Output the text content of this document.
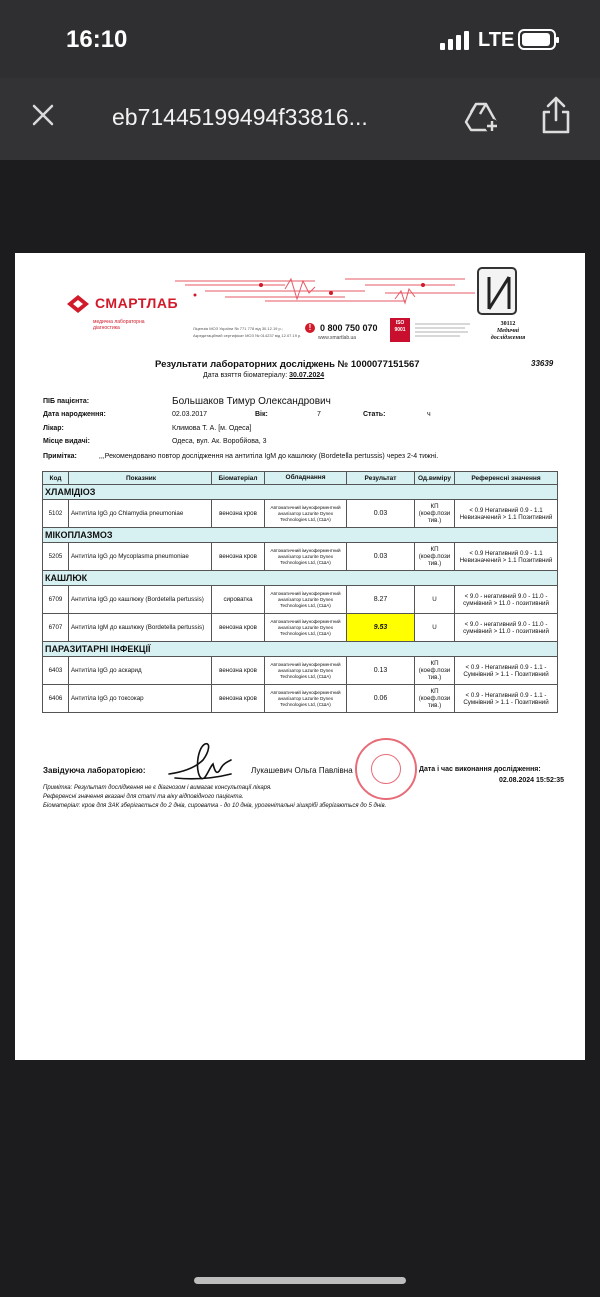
16:10	LTE
eb71445199494f33816...
СМАРТЛАБ
медична лабораторна діагностика	Ліцензія МОЗ України № 771 778 від 30.12.19 р.; Акредитаційний сертифікат МОЗ № 014237 від 12.07.19 р.
! 0 800 750 070
www.smartlab.ua
ISO 9001
30112
Медичні
дослідження
Результати лабораторних досліджень № 1000077151567	33639
Дата взяття біоматеріалу: 30.07.2024
ПІБ пацієнта:	Большаков Тимур Олександрович
Дата народження:	02.03.2017	Вік:	7	Стать:	ч
Лікар:	Климова Т. А. [м. Одеса]
Місце видачі:	Одеса, вул. Ак. Воробйова, 3
Примітка:	,,,Рекомендовано повтор дослідження на антитіла IgM до кашлюку (Bordetella pertussis) через 2-4 тижні.
Код	Показник	Біоматеріал	Обладнання	Результат	Од.виміру	Референсні значення
ХЛАМІДІОЗ						
5102	Антитіла IgG до Chlamydia pneumoniae	венозна кров	Автоматичний імуноферментний аналізатор Lazurite Dynex Technologies Ltd, (США)	0.03	КП (коеф.пози тив.)	< 0.9 Негативний 0.9 - 1.1 Невизначений > 1.1 Позитивний
МІКОПЛАЗМОЗ						
5205	Антитіла IgG до Mycoplasma pneumoniae	венозна кров	Автоматичний імуноферментний аналізатор Lazurite Dynex Technologies Ltd, (США)	0.03	КП (коеф.пози тив.)	< 0.9 Негативний 0.9 - 1.1 Невизначений > 1.1 Позитивний
КАШЛЮК						
6709	Антитіла IgG до кашлюку (Bordetella pertussis)	сироватка	Автоматичний імуноферментний аналізатор Lazurite Dynex Technologies Ltd, (США)	8.27	U	< 9.0 - негативний 9.0 - 11.0 - сумнівний > 11.0 - позитивний
6707	Антитіла IgM до кашлюку (Bordetella pertussis)	венозна кров	Автоматичний імуноферментний аналізатор Lazurite Dynex Technologies Ltd, (США)	9.53	U	< 9.0 - негативний 9.0 - 11.0 - сумнівний > 11.0 - позитивний
ПАРАЗИТАРНІ ІНФЕКЦІЇ						
6403	Антитіла IgG до аскарид	венозна кров	Автоматичний імуноферментний аналізатор Lazurite Dynex Technologies Ltd, (США)	0.13	КП (коеф.пози тив.)	< 0.9 - Негативний 0.9 - 1.1 - Сумнівний > 1.1 - Позитивний
6406	Антитіла IgG до токсокар	венозна кров	Автоматичний імуноферментний аналізатор Lazurite Dynex Technologies Ltd, (США)	0.06	КП (коеф.пози тив.)	< 0.9 - Негативний 0.9 - 1.1 - Сумнівний > 1.1 - Позитивний
Завідуюча лабораторією:	Лукашевич Ольга Павлівна	Дата і час виконання дослідження:
02.08.2024 15:52:35
Примітка: Результат дослідження не є діагнозом і вимагає консультації лікаря.
Референсні значення вказані для статі та віку відповідного пацієнта.
Біоматеріал: кров для ЗАК зберігається до 2 днів, сироватка - до 10 днів, урогенітальні зішкрібі зберігаються до 5 днів.
